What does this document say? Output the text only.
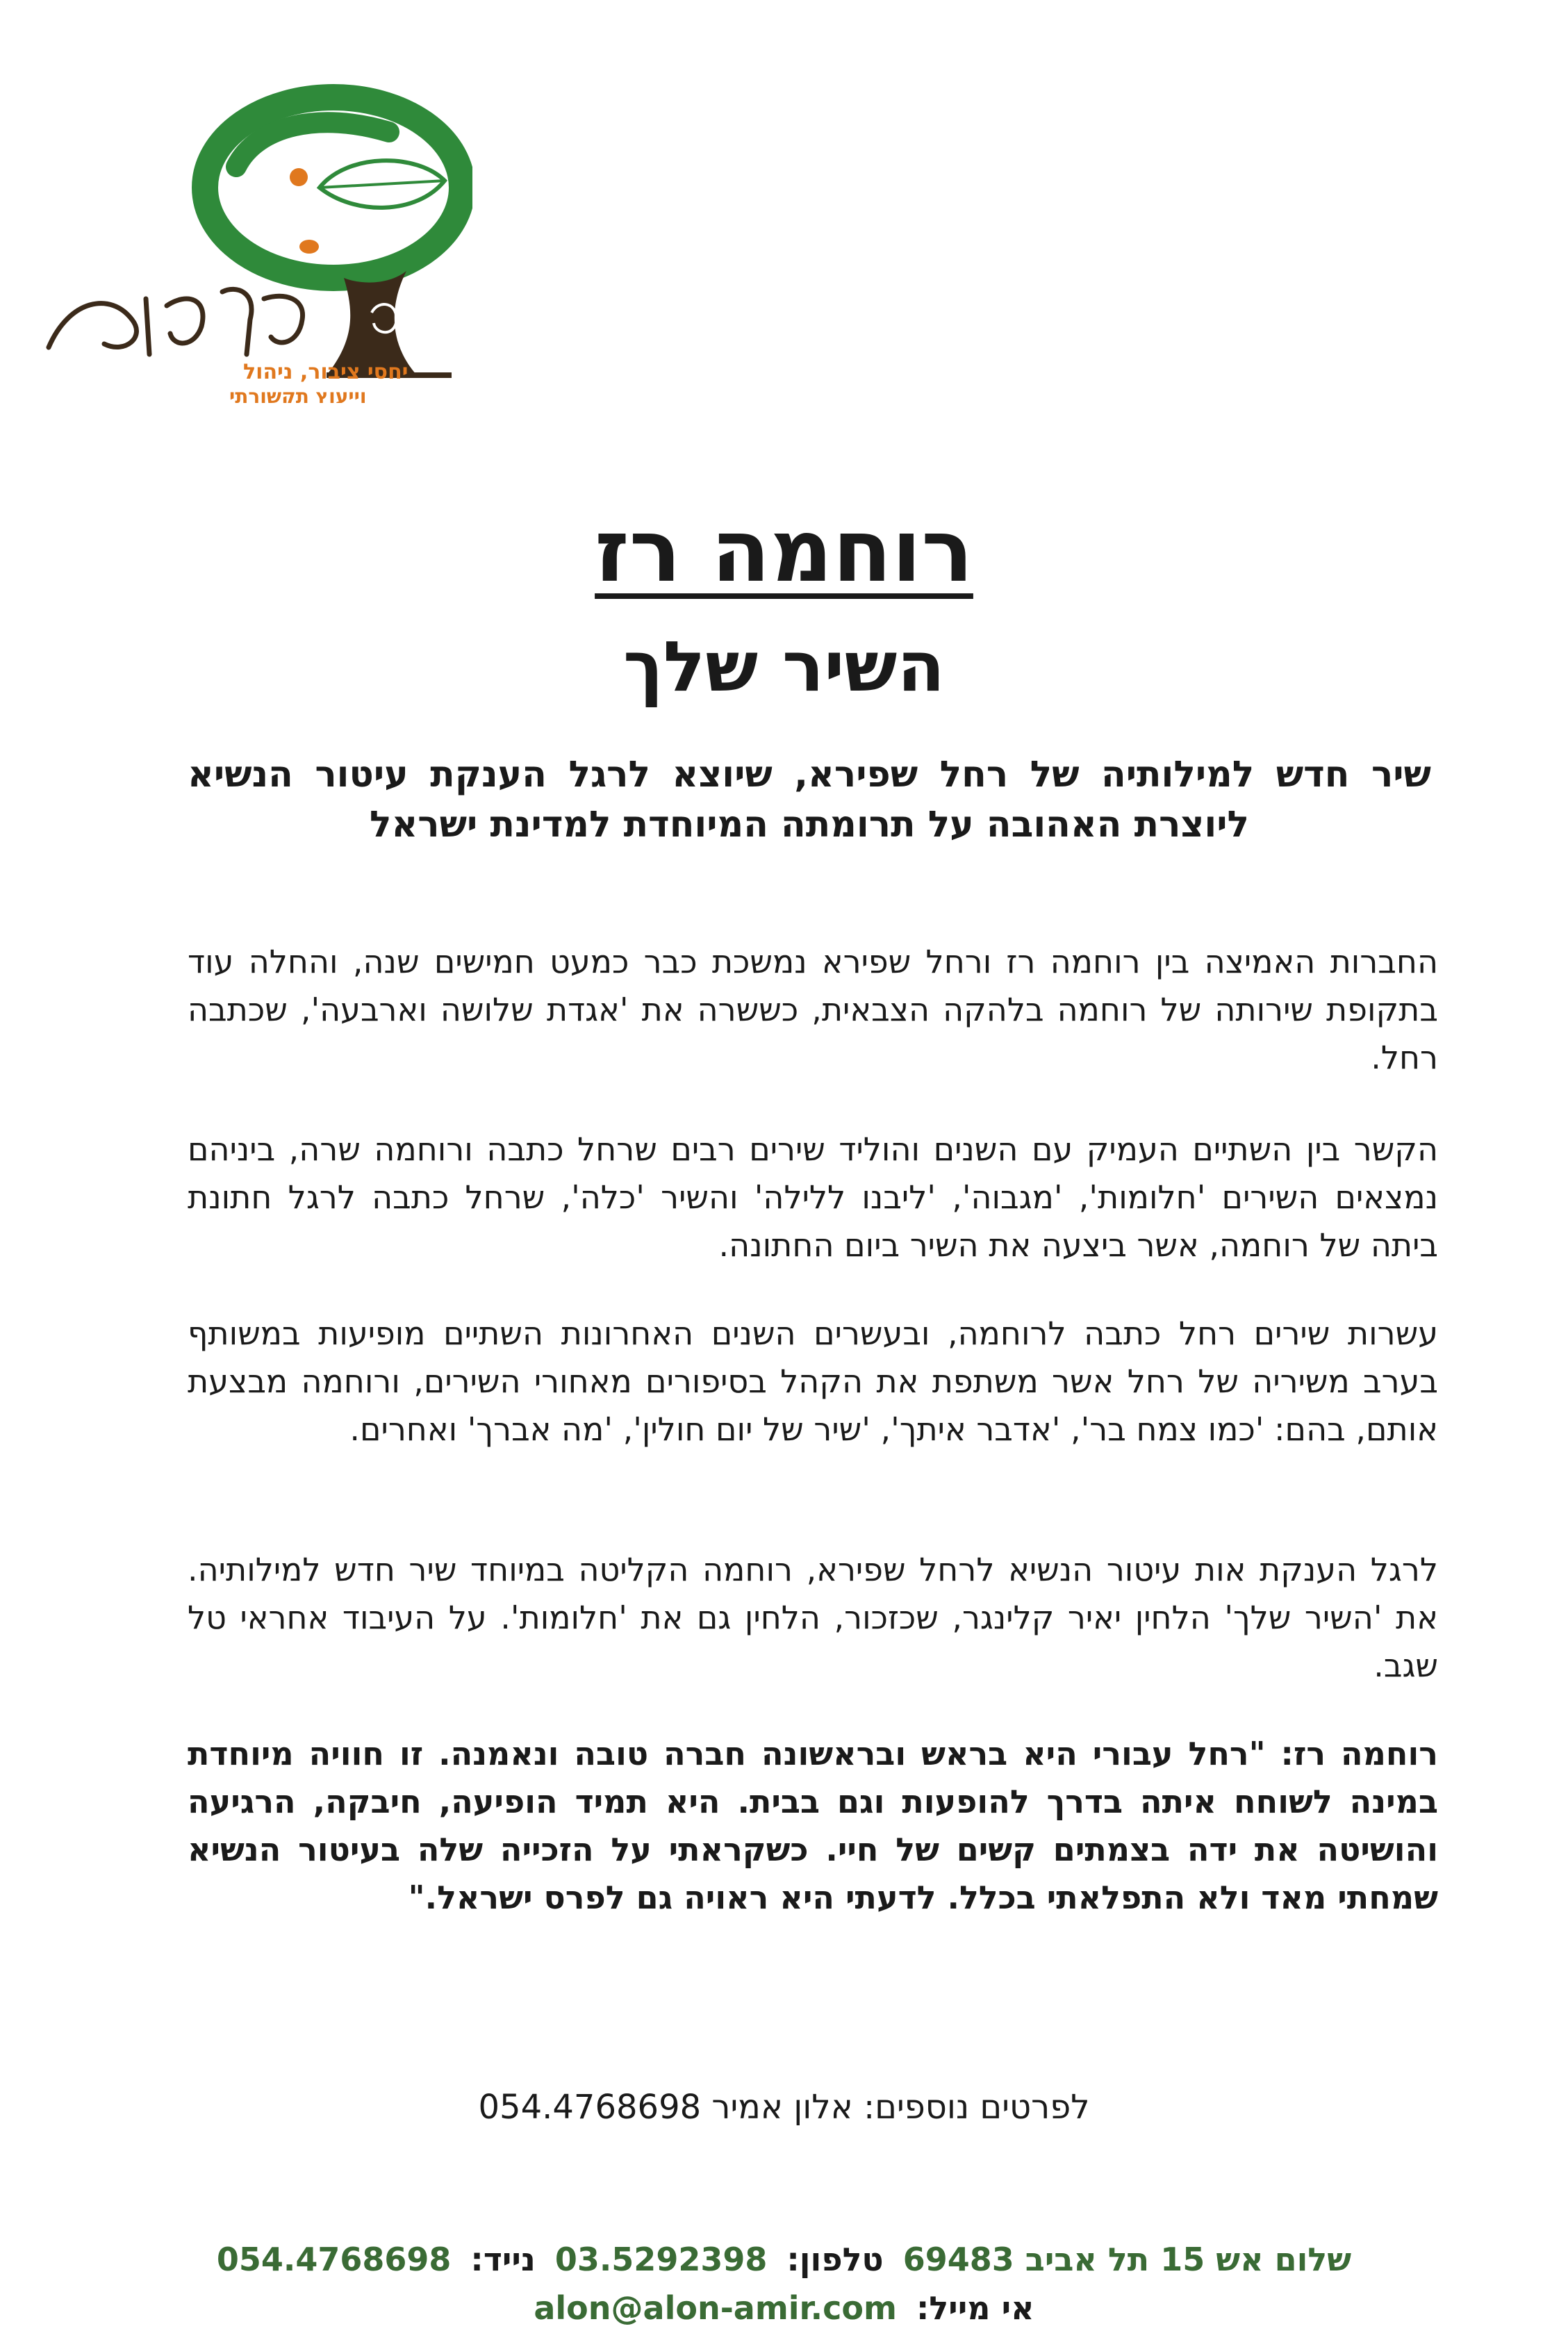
יחסי ציבור, ניהול
וייעוץ תקשורתי
רוחמה רז
השיר שלך
שיר חדש למילותיה של רחל שפירא, שיוצא לרגל הענקת עיטור הנשיא ליוצרת האהובה על תרומתה המיוחדת למדינת ישראל
החברות האמיצה בין רוחמה רז ורחל שפירא נמשכת כבר כמעט חמישים שנה, והחלה עוד בתקופת שירותה של רוחמה בלהקה הצבאית, כששרה את 'אגדת שלושה וארבעה', שכתבה רחל.
הקשר בין השתיים העמיק עם השנים והוליד שירים רבים שרחל כתבה ורוחמה שרה, ביניהם נמצאים השירים 'חלומות', 'מגבוה', 'ליבנו ללילה' והשיר 'כלה', שרחל כתבה לרגל חתונת ביתה של רוחמה, אשר ביצעה את השיר ביום החתונה.
עשרות שירים רחל כתבה לרוחמה, ובעשרים השנים האחרונות השתיים מופיעות במשותף בערב משיריה של רחל אשר משתפת את הקהל בסיפורים מאחורי השירים, ורוחמה מבצעת אותם, בהם: 'כמו צמח בר', 'אדבר איתך', 'שיר של יום חולין', 'מה אברך' ואחרים.
לרגל הענקת אות עיטור הנשיא לרחל שפירא, רוחמה הקליטה במיוחד שיר חדש למילותיה. את 'השיר שלך' הלחין יאיר קלינגר, שכזכור, הלחין גם את 'חלומות'. על העיבוד אחראי טל שגב.
רוחמה רז: "רחל עבורי היא בראש ובראשונה חברה טובה ונאמנה. זו חוויה מיוחדת במינה לשוחח איתה בדרך להופעות וגם בבית. היא תמיד הופיעה, חיבקה, הרגיעה והושיטה את ידה בצמתים קשים של חיי. כשקראתי על הזכייה שלה בעיטור הנשיא שמחתי מאד ולא התפלאתי בכלל. לדעתי היא ראויה גם לפרס ישראל."
לפרטים נוספים: אלון אמיר 054.4768698
שלום אש 15 תל אביב 69483 טלפון: 03.5292398 נייד: 054.4768698
אי מייל: alon@alon-amir.com
